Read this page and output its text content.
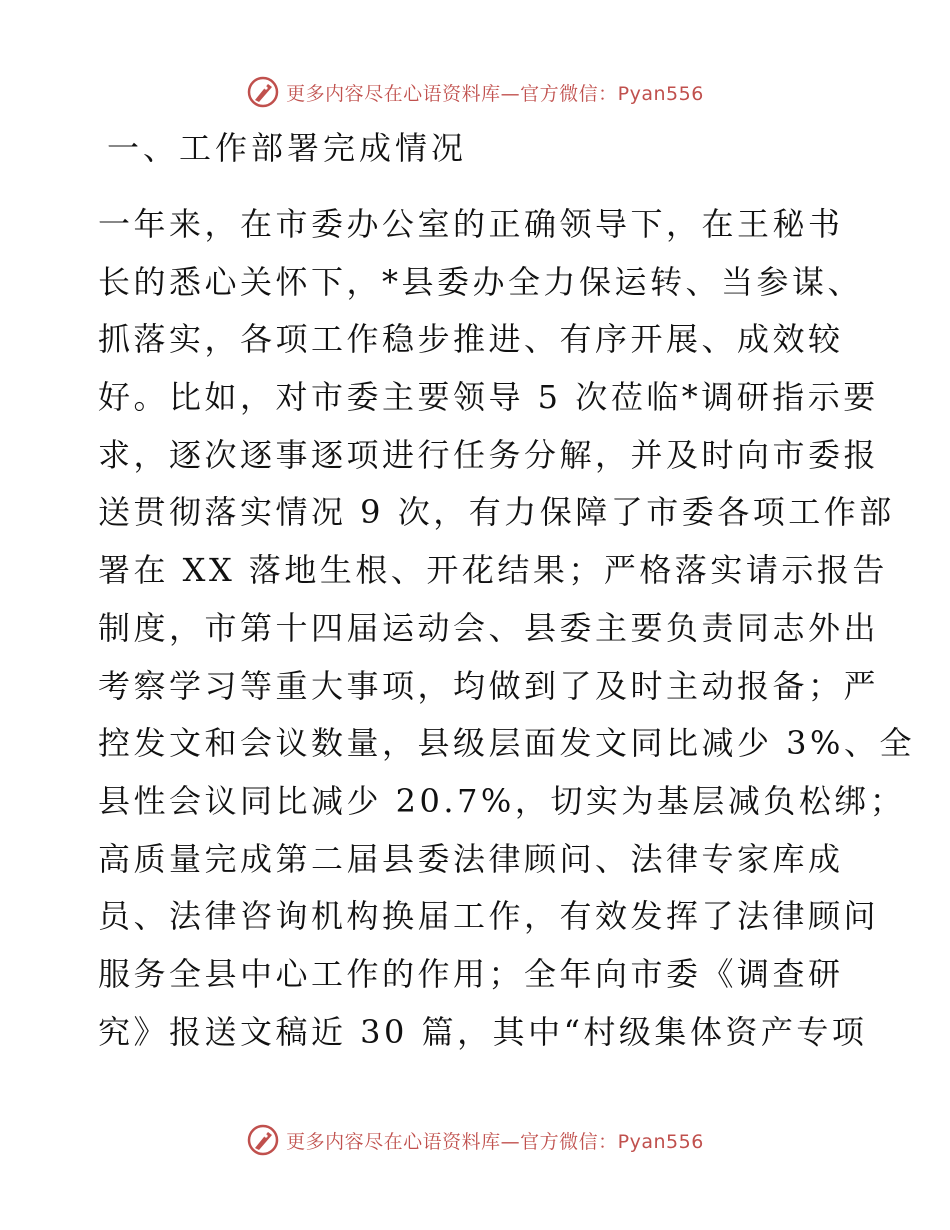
更多内容尽在心语资料库—官方微信：Pyan556
一、工作部署完成情况
一年来，在市委办公室的正确领导下，在王秘书
长的悉心关怀下，*县委办全力保运转、当参谋、
抓落实，各项工作稳步推进、有序开展、成效较
好。比如，对市委主要领导 5 次莅临*调研指示要
求，逐次逐事逐项进行任务分解，并及时向市委报
送贯彻落实情况 9 次，有力保障了市委各项工作部
署在 XX 落地生根、开花结果；严格落实请示报告
制度，市第十四届运动会、县委主要负责同志外出
考察学习等重大事项，均做到了及时主动报备；严
控发文和会议数量，县级层面发文同比减少 3%、全
县性会议同比减少 20.7%，切实为基层减负松绑；
高质量完成第二届县委法律顾问、法律专家库成
员、法律咨询机构换届工作，有效发挥了法律顾问
服务全县中心工作的作用；全年向市委《调查研
究》报送文稿近 30 篇，其中“村级集体资产专项
更多内容尽在心语资料库—官方微信：Pyan556
